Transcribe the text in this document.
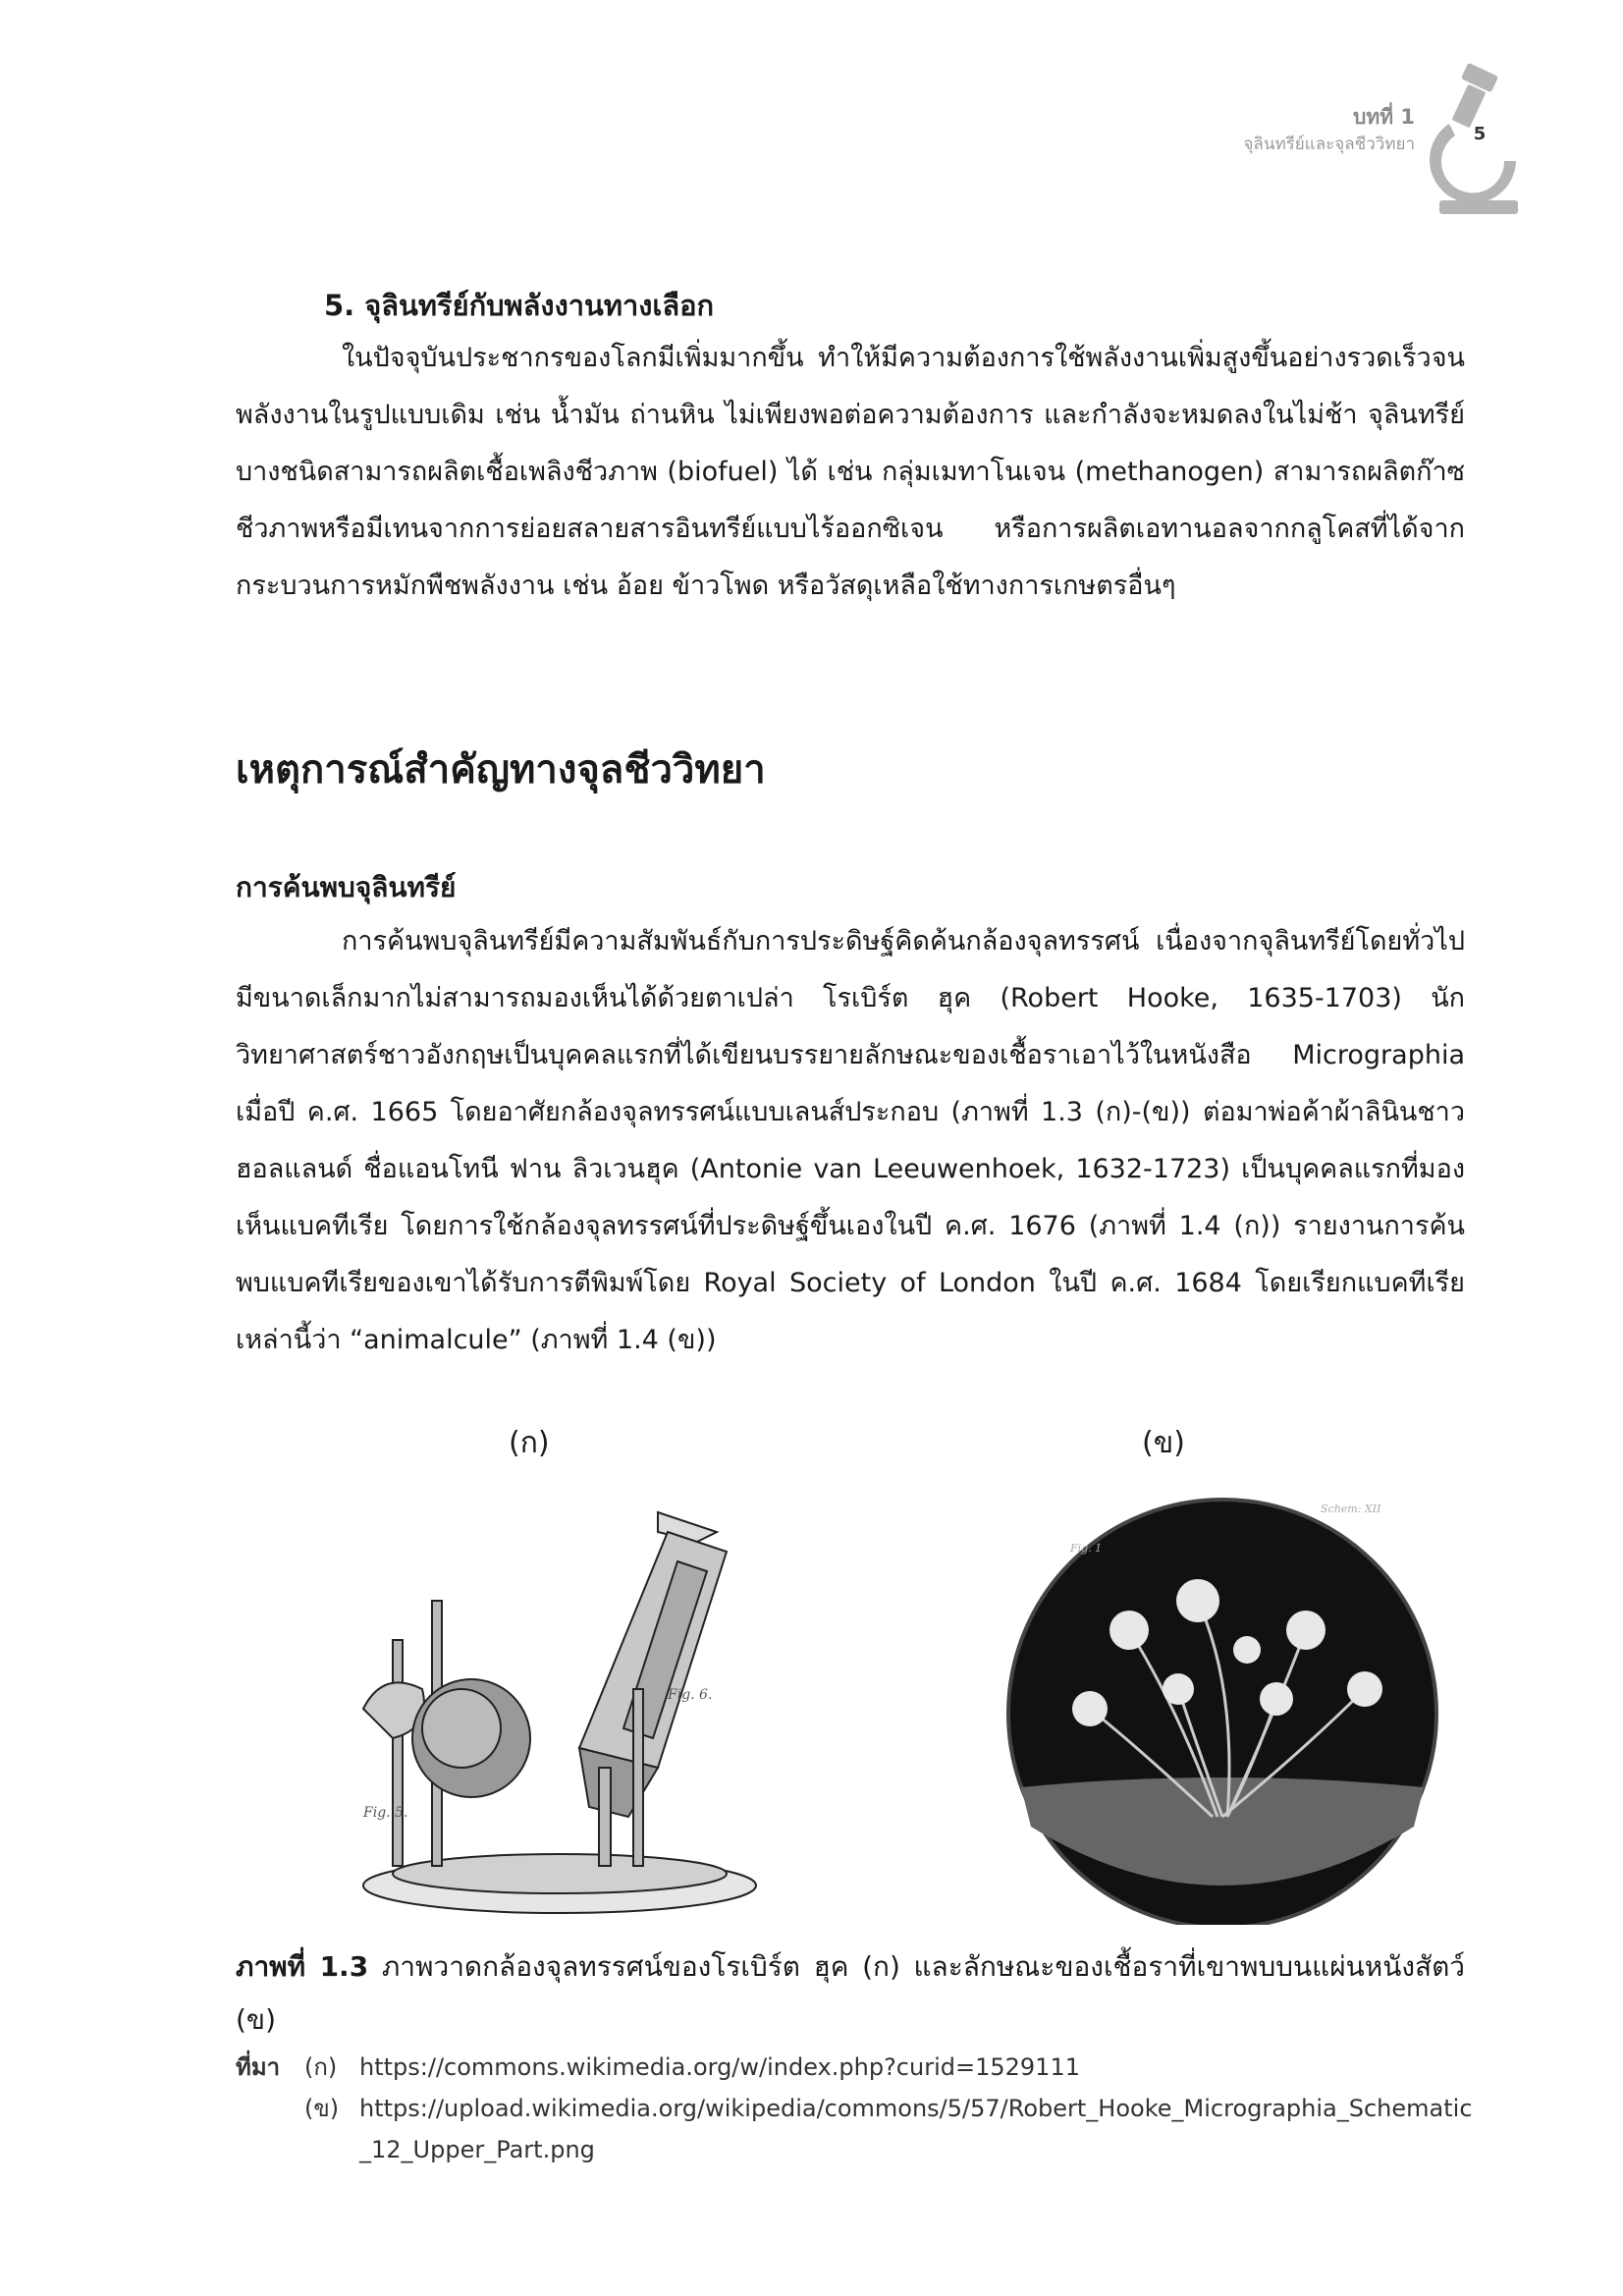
บทที่ 1
จุลินทรีย์และจุลชีววิทยา	5
5. จุลินทรีย์กับพลังงานทางเลือก
ในปัจจุบันประชากรของโลกมีเพิ่มมากขึ้น ทำให้มีความต้องการใช้พลังงานเพิ่มสูงขึ้นอย่างรวดเร็วจนพลังงานในรูปแบบเดิม เช่น น้ำมัน ถ่านหิน ไม่เพียงพอต่อความต้องการ และกำลังจะหมดลงในไม่ช้า จุลินทรีย์บางชนิดสามารถผลิตเชื้อเพลิงชีวภาพ (biofuel) ได้ เช่น กลุ่มเมทาโนเจน (methanogen) สามารถผลิตก๊าซชีวภาพหรือมีเทนจากการย่อยสลายสารอินทรีย์แบบไร้ออกซิเจน หรือการผลิตเอทานอลจากกลูโคสที่ได้จากกระบวนการหมักพืชพลังงาน เช่น อ้อย ข้าวโพด หรือวัสดุเหลือใช้ทางการเกษตรอื่นๆ
เหตุการณ์สำคัญทางจุลชีววิทยา
การค้นพบจุลินทรีย์
การค้นพบจุลินทรีย์มีความสัมพันธ์กับการประดิษฐ์คิดค้นกล้องจุลทรรศน์ เนื่องจากจุลินทรีย์โดยทั่วไปมีขนาดเล็กมากไม่สามารถมองเห็นได้ด้วยตาเปล่า โรเบิร์ต ฮุค (Robert Hooke, 1635-1703) นักวิทยาศาสตร์ชาวอังกฤษเป็นบุคคลแรกที่ได้เขียนบรรยายลักษณะของเชื้อราเอาไว้ในหนังสือ Micrographia เมื่อปี ค.ศ. 1665 โดยอาศัยกล้องจุลทรรศน์แบบเลนส์ประกอบ (ภาพที่ 1.3 (ก)-(ข)) ต่อมาพ่อค้าผ้าลินินชาวฮอลแลนด์ ชื่อแอนโทนี ฟาน ลิวเวนฮุค (Antonie van Leeuwenhoek, 1632-1723) เป็นบุคคลแรกที่มองเห็นแบคทีเรีย โดยการใช้กล้องจุลทรรศน์ที่ประดิษฐ์ขึ้นเองในปี ค.ศ. 1676 (ภาพที่ 1.4 (ก)) รายงานการค้นพบแบคทีเรียของเขาได้รับการตีพิมพ์โดย Royal Society of London ในปี ค.ศ. 1684 โดยเรียกแบคทีเรียเหล่านี้ว่า “animalcule” (ภาพที่ 1.4 (ข))
(ก)	(ข)
Fig. 6.
Fig. 5.
Schem: XII
Fig. 1
ภาพที่ 1.3 ภาพวาดกล้องจุลทรรศน์ของโรเบิร์ต ฮุค (ก) และลักษณะของเชื้อราที่เขาพบบนแผ่นหนังสัตว์ (ข)
ที่มา	(ก) https://commons.wikimedia.org/w/index.php?curid=1529111
(ข) https://upload.wikimedia.org/wikipedia/commons/5/57/Robert_Hooke_Micrographia_Schematic_12_Upper_Part.png
